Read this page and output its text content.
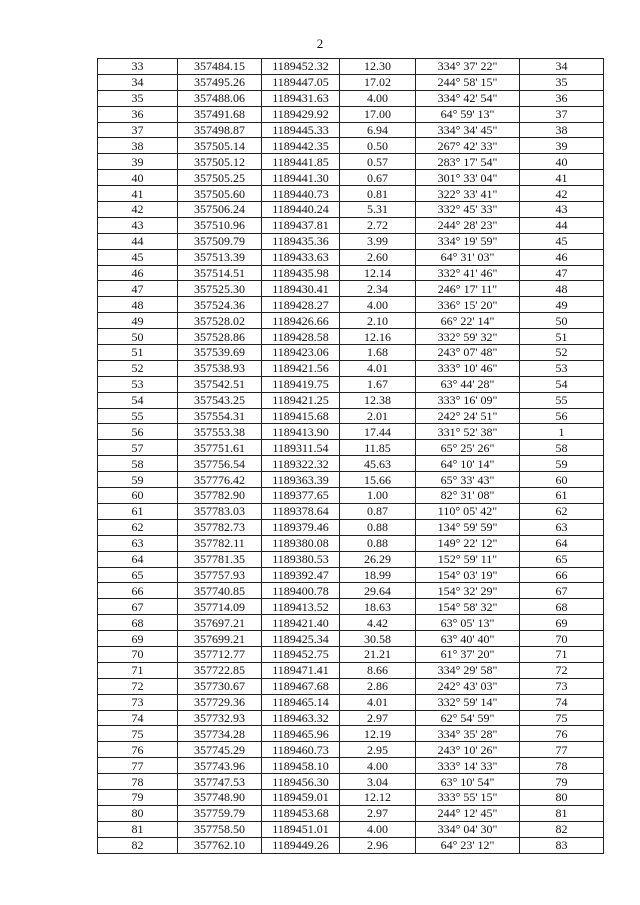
2
33	357484.15	1189452.32	12.30	334° 37' 22"	34
34	357495.26	1189447.05	17.02	244° 58' 15"	35
35	357488.06	1189431.63	4.00	334° 42' 54"	36
36	357491.68	1189429.92	17.00	64° 59' 13"	37
37	357498.87	1189445.33	6.94	334° 34' 45"	38
38	357505.14	1189442.35	0.50	267° 42' 33"	39
39	357505.12	1189441.85	0.57	283° 17' 54"	40
40	357505.25	1189441.30	0.67	301° 33' 04"	41
41	357505.60	1189440.73	0.81	322° 33' 41"	42
42	357506.24	1189440.24	5.31	332° 45' 33"	43
43	357510.96	1189437.81	2.72	244° 28' 23"	44
44	357509.79	1189435.36	3.99	334° 19' 59"	45
45	357513.39	1189433.63	2.60	64° 31' 03"	46
46	357514.51	1189435.98	12.14	332° 41' 46"	47
47	357525.30	1189430.41	2.34	246° 17' 11"	48
48	357524.36	1189428.27	4.00	336° 15' 20"	49
49	357528.02	1189426.66	2.10	66° 22' 14"	50
50	357528.86	1189428.58	12.16	332° 59' 32"	51
51	357539.69	1189423.06	1.68	243° 07' 48"	52
52	357538.93	1189421.56	4.01	333° 10' 46"	53
53	357542.51	1189419.75	1.67	63° 44' 28"	54
54	357543.25	1189421.25	12.38	333° 16' 09"	55
55	357554.31	1189415.68	2.01	242° 24' 51"	56
56	357553.38	1189413.90	17.44	331° 52' 38"	1
57	357751.61	1189311.54	11.85	65° 25' 26"	58
58	357756.54	1189322.32	45.63	64° 10' 14"	59
59	357776.42	1189363.39	15.66	65° 33' 43"	60
60	357782.90	1189377.65	1.00	82° 31' 08"	61
61	357783.03	1189378.64	0.87	110° 05' 42"	62
62	357782.73	1189379.46	0.88	134° 59' 59"	63
63	357782.11	1189380.08	0.88	149° 22' 12"	64
64	357781.35	1189380.53	26.29	152° 59' 11"	65
65	357757.93	1189392.47	18.99	154° 03' 19"	66
66	357740.85	1189400.78	29.64	154° 32' 29"	67
67	357714.09	1189413.52	18.63	154° 58' 32"	68
68	357697.21	1189421.40	4.42	63° 05' 13"	69
69	357699.21	1189425.34	30.58	63° 40' 40"	70
70	357712.77	1189452.75	21.21	61° 37' 20"	71
71	357722.85	1189471.41	8.66	334° 29' 58"	72
72	357730.67	1189467.68	2.86	242° 43' 03"	73
73	357729.36	1189465.14	4.01	332° 59' 14"	74
74	357732.93	1189463.32	2.97	62° 54' 59"	75
75	357734.28	1189465.96	12.19	334° 35' 28"	76
76	357745.29	1189460.73	2.95	243° 10' 26"	77
77	357743.96	1189458.10	4.00	333° 14' 33"	78
78	357747.53	1189456.30	3.04	63° 10' 54"	79
79	357748.90	1189459.01	12.12	333° 55' 15"	80
80	357759.79	1189453.68	2.97	244° 12' 45"	81
81	357758.50	1189451.01	4.00	334° 04' 30"	82
82	357762.10	1189449.26	2.96	64° 23' 12"	83
